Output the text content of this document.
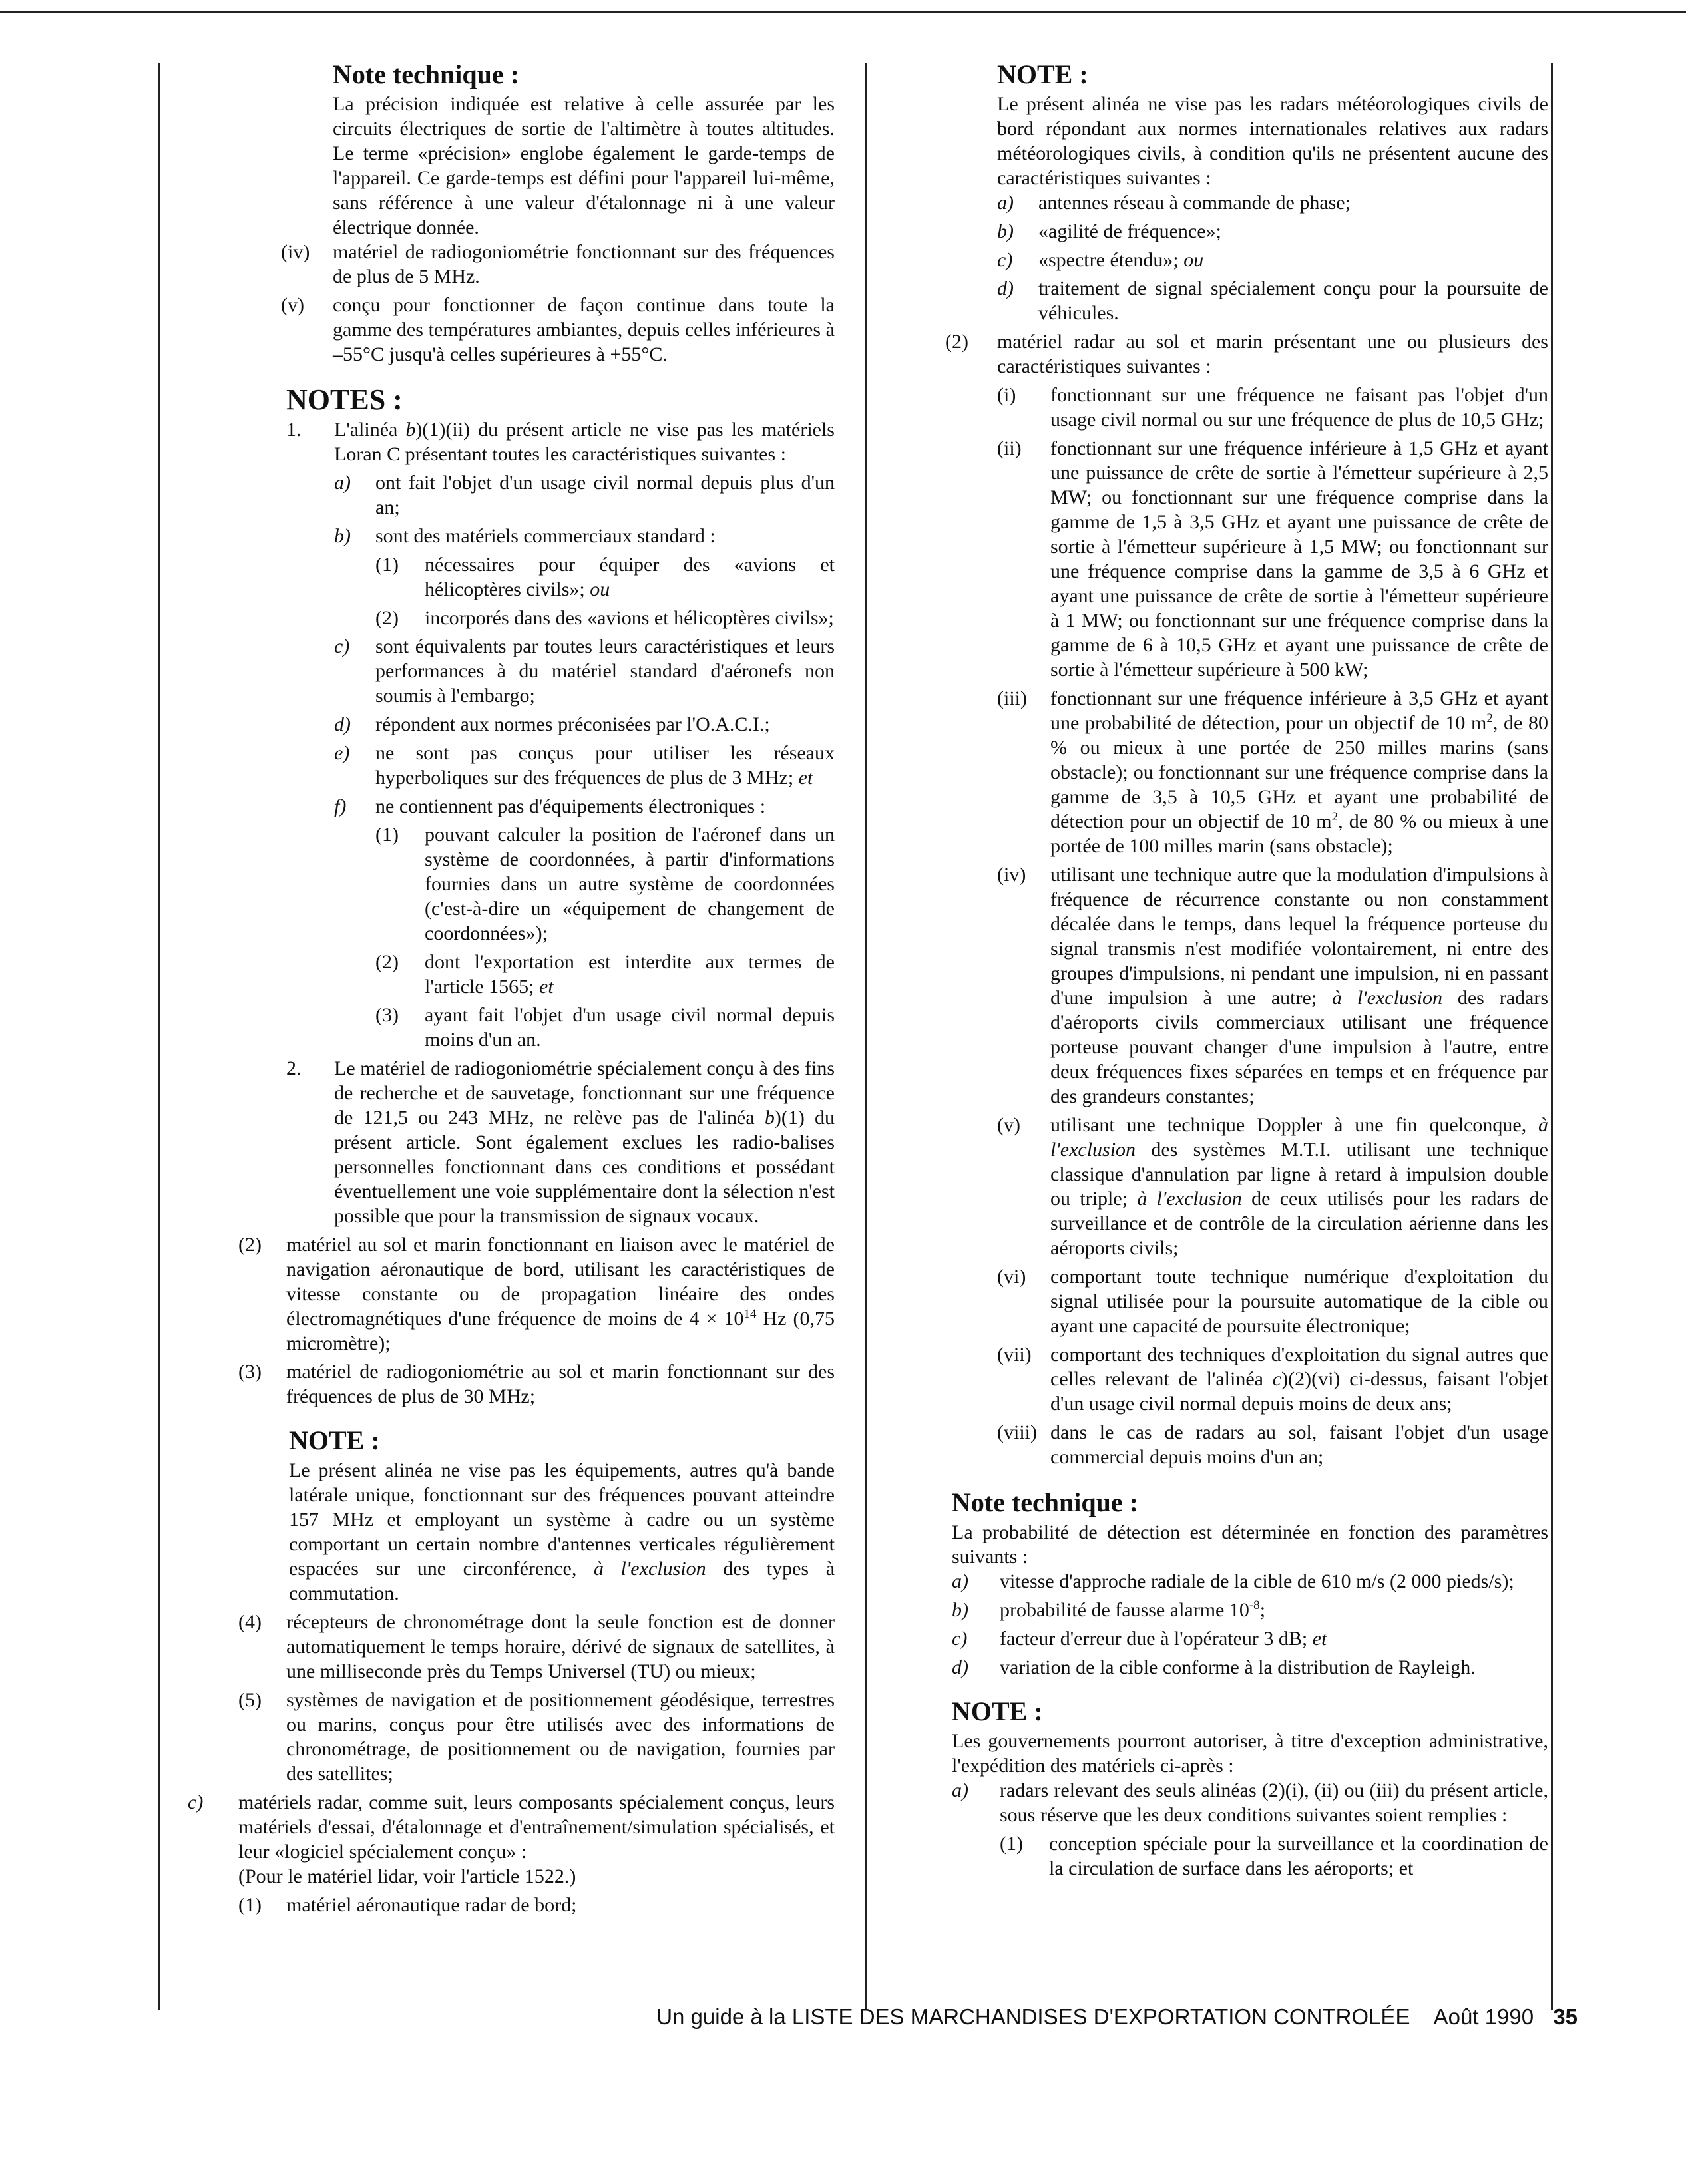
Note technique :

La précision indiquée est relative à celle assurée par les circuits électriques de sortie de l'altimètre à toutes altitudes. Le terme «précision» englobe également le garde-temps de l'appareil. Ce garde-temps est défini pour l'appareil lui-même, sans référence à une valeur d'étalonnage ni à une valeur électrique donnée.

(iv)	matériel de radiogoniométrie fonctionnant sur des fréquences de plus de 5 MHz.
(v)	conçu pour fonctionner de façon continue dans toute la gamme des températures ambiantes, depuis celles inférieures à –55°C jusqu'à celles supérieures à +55°C.
NOTES :
1.	L'alinéa b)(1)(ii) du présent article ne vise pas les matériels Loran C présentant toutes les caractéristiques suivantes :
a)	ont fait l'objet d'un usage civil normal depuis plus d'un an;
b)	sont des matériels commerciaux standard :
(1)	nécessaires pour équiper des «avions et hélicoptères civils»; ou
(2)	incorporés dans des «avions et hélicoptères civils»;
c)	sont équivalents par toutes leurs caractéristiques et leurs performances à du matériel standard d'aéronefs non soumis à l'embargo;
d)	répondent aux normes préconisées par l'O.A.C.I.;
e)	ne sont pas conçus pour utiliser les réseaux hyperboliques sur des fréquences de plus de 3 MHz; et
f)	ne contiennent pas d'équipements électroniques :
(1)	pouvant calculer la position de l'aéronef dans un système de coordonnées, à partir d'informations fournies dans un autre système de coordonnées (c'est-à-dire un «équipement de changement de coordonnées»);
(2)	dont l'exportation est interdite aux termes de l'article 1565; et
(3)	ayant fait l'objet d'un usage civil normal depuis moins d'un an.
2.	Le matériel de radiogoniométrie spécialement conçu à des fins de recherche et de sauvetage, fonctionnant sur une fréquence de 121,5 ou 243 MHz, ne relève pas de l'alinéa b)(1) du présent article. Sont également exclues les radio-balises personnelles fonctionnant dans ces conditions et possédant éventuellement une voie supplémentaire dont la sélection n'est possible que pour la transmission de signaux vocaux.
(2)	matériel au sol et marin fonctionnant en liaison avec le matériel de navigation aéronautique de bord, utilisant les caractéristiques de vitesse constante ou de propagation linéaire des ondes électromagnétiques d'une fréquence de moins de $4 \times 10^{14}$ Hz (0,75 micromètre);
(3)	matériel de radiogoniométrie au sol et marin fonctionnant sur des fréquences de plus de 30 MHz;
NOTE :

Le présent alinéa ne vise pas les équipements, autres qu'à bande latérale unique, fonctionnant sur des fréquences pouvant atteindre 157 MHz et employant un système à cadre ou un système comportant un certain nombre d'antennes verticales régulièrement espacées sur une circonférence, à l'exclusion des types à commutation.

(4)	récepteurs de chronométrage dont la seule fonction est de donner automatiquement le temps horaire, dérivé de signaux de satellites, à une milliseconde près du Temps Universel (TU) ou mieux;
(5)	systèmes de navigation et de positionnement géodésique, terrestres ou marins, conçus pour être utilisés avec des informations de chronométrage, de positionnement ou de navigation, fournies par des satellites;
c)	matériels radar, comme suit, leurs composants spécialement conçus, leurs matériels d'essai, d'étalonnage et d'entraînement/simulation spécialisés, et leur «logiciel spécialement conçu» :
(Pour le matériel lidar, voir l'article 1522.)
(1)	matériel aéronautique radar de bord;
NOTE :

Le présent alinéa ne vise pas les radars météorologiques civils de bord répondant aux normes internationales relatives aux radars météorologiques civils, à condition qu'ils ne présentent aucune des caractéristiques suivantes :

a)	antennes réseau à commande de phase;
b)	«agilité de fréquence»;
c)	«spectre étendu»; ou
d)	traitement de signal spécialement conçu pour la poursuite de véhicules.
(2)	matériel radar au sol et marin présentant une ou plusieurs des caractéristiques suivantes :
(i)	fonctionnant sur une fréquence ne faisant pas l'objet d'un usage civil normal ou sur une fréquence de plus de 10,5 GHz;
(ii)	fonctionnant sur une fréquence inférieure à 1,5 GHz et ayant une puissance de crête de sortie à l'émetteur supérieure à 2,5 MW; ou fonctionnant sur une fréquence comprise dans la gamme de 1,5 à 3,5 GHz et ayant une puissance de crête de sortie à l'émetteur supérieure à 1,5 MW; ou fonctionnant sur une fréquence comprise dans la gamme de 3,5 à 6 GHz et ayant une puissance de crête de sortie à l'émetteur supérieure à 1 MW; ou fonctionnant sur une fréquence comprise dans la gamme de 6 à 10,5 GHz et ayant une puissance de crête de sortie à l'émetteur supérieure à 500 kW;
(iii)	fonctionnant sur une fréquence inférieure à 3,5 GHz et ayant une probabilité de détection, pour un objectif de 10 $m^2$, de 80 % ou mieux à une portée de 250 milles marins (sans obstacle); ou fonctionnant sur une fréquence comprise dans la gamme de 3,5 à 10,5 GHz et ayant une probabilité de détection pour un objectif de 10 $m^2$, de 80 % ou mieux à une portée de 100 milles marin (sans obstacle);
(iv)	utilisant une technique autre que la modulation d'impulsions à fréquence de récurrence constante ou non constamment décalée dans le temps, dans lequel la fréquence porteuse du signal transmis n'est modifiée volontairement, ni entre des groupes d'impulsions, ni pendant une impulsion, ni en passant d'une impulsion à une autre; à l'exclusion des radars d'aéroports civils commerciaux utilisant une fréquence porteuse pouvant changer d'une impulsion à l'autre, entre deux fréquences fixes séparées en temps et en fréquence par des grandeurs constantes;
(v)	utilisant une technique Doppler à une fin quelconque, à l'exclusion des systèmes M.T.I. utilisant une technique classique d'annulation par ligne à retard à impulsion double ou triple; à l'exclusion de ceux utilisés pour les radars de surveillance et de contrôle de la circulation aérienne dans les aéroports civils;
(vi)	comportant toute technique numérique d'exploitation du signal utilisée pour la poursuite automatique de la cible ou ayant une capacité de poursuite électronique;
(vii) comportant des techniques d'exploitation du signal autres que celles relevant de l'alinéa c)(2)(vi) ci-dessus, faisant l'objet d'un usage civil normal depuis moins de deux ans;
(viii) dans le cas de radars au sol, faisant l'objet d'un usage commercial depuis moins d'un an;
Note technique :

La probabilité de détection est déterminée en fonction des paramètres suivants :

a)	vitesse d'approche radiale de la cible de 610 m/s (2 000 pieds/s);
b)	probabilité de fausse alarme $10^{-8}$;
c)	facteur d'erreur due à l'opérateur 3 dB; et
d)	variation de la cible conforme à la distribution de Rayleigh.
NOTE :

Les gouvernements pourront autoriser, à titre d'exception administrative, l'expédition des matériels ci-après :

a)	radars relevant des seuls alinéas (2)(i), (ii) ou (iii) du présent article, sous réserve que les deux conditions suivantes soient remplies :
(1)	conception spéciale pour la surveillance et la coordination de la circulation de surface dans les aéroports; et
Un guide à la LISTE DES MARCHANDISES D'EXPORTATION CONTROLÉE Août 1990 35
